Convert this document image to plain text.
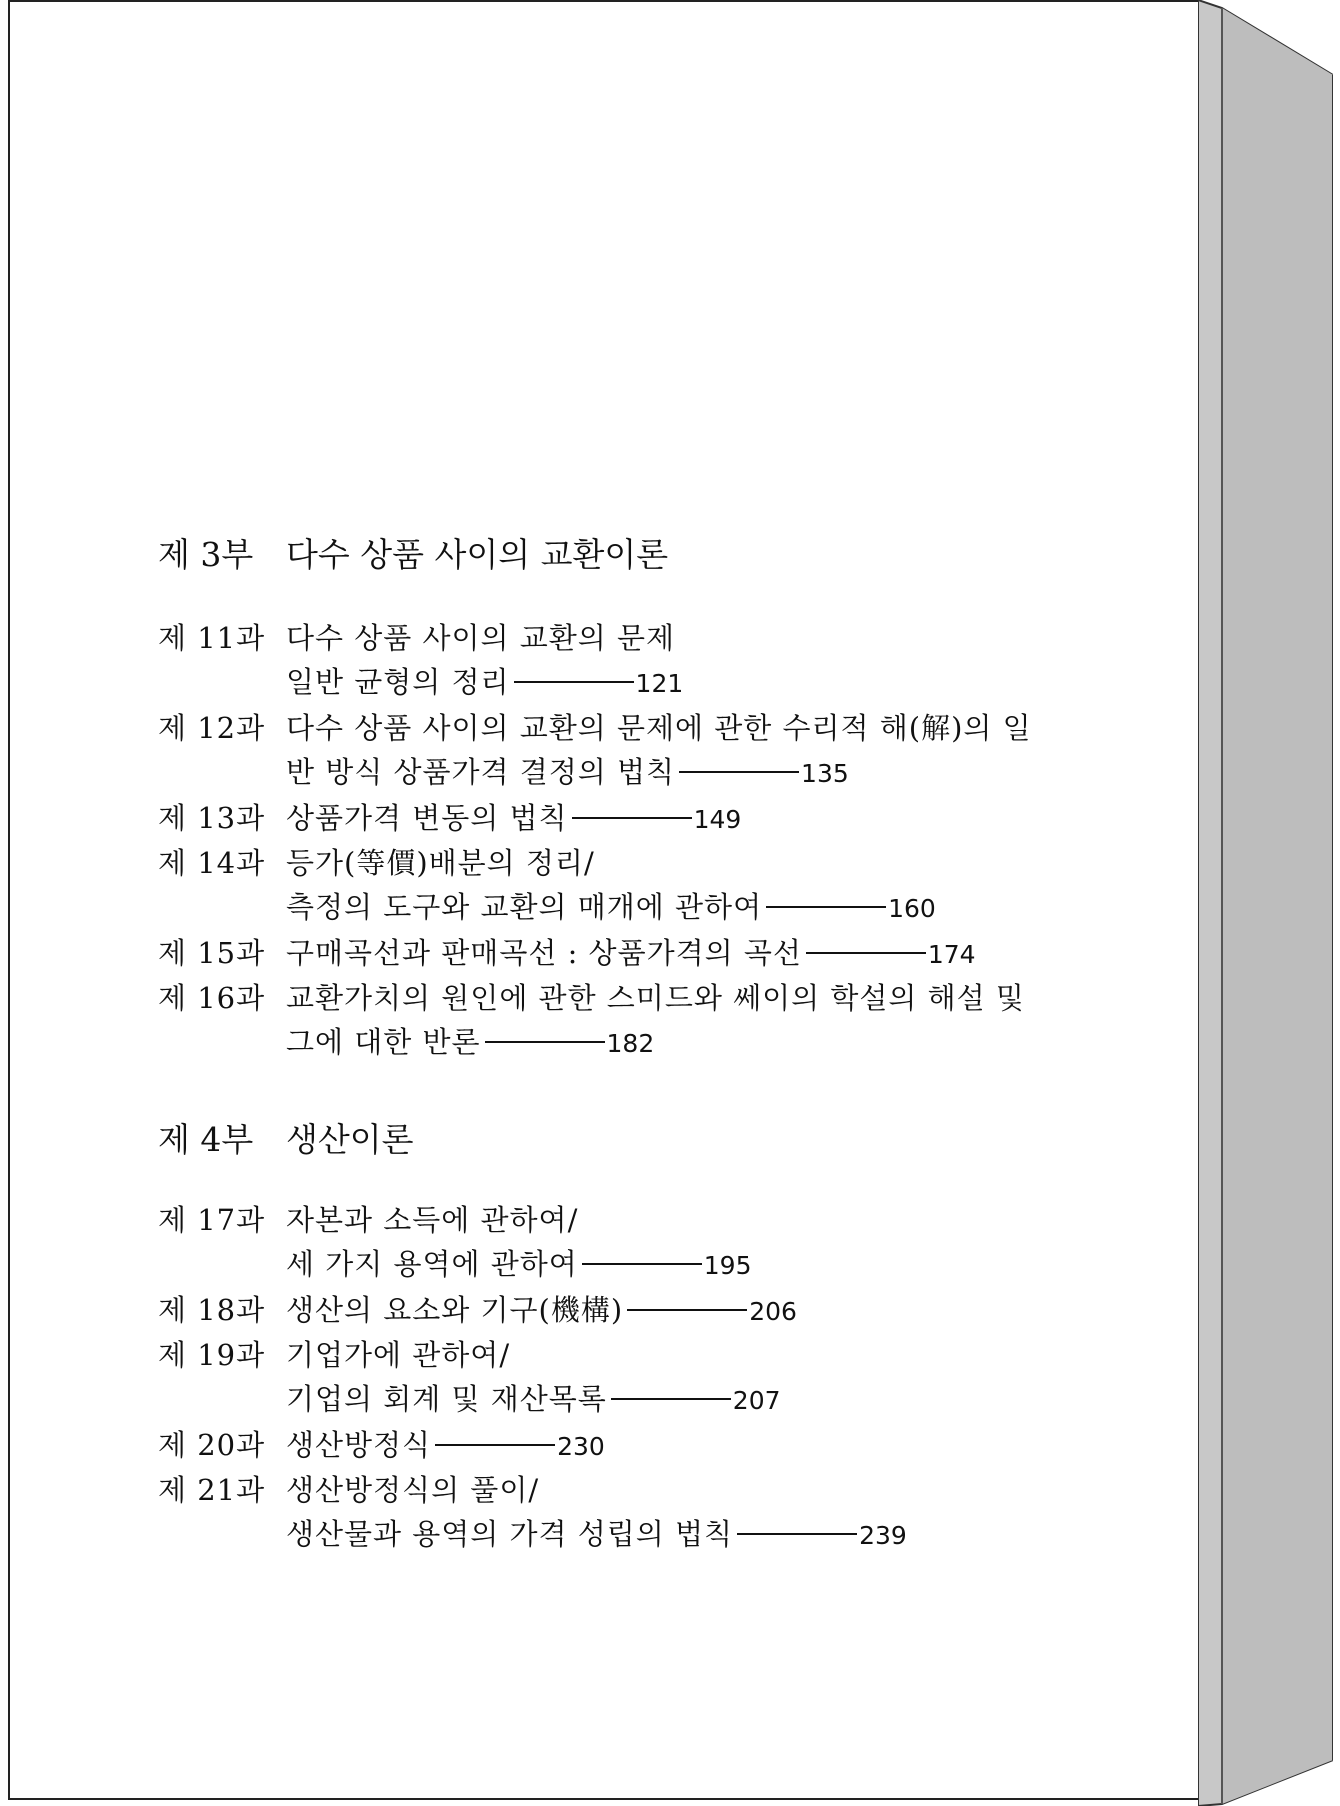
제 3부 다수 상품 사이의 교환이론
제 11과 다수 상품 사이의 교환의 문제
일반 균형의 정리	121
제 12과 다수 상품 사이의 교환의 문제에 관한 수리적 해(解)의 일
반 방식 상품가격 결정의 법칙	135
제 13과 상품가격 변동의 법칙	149
제 14과 등가(等價)배분의 정리/
측정의 도구와 교환의 매개에 관하여	160
제 15과 구매곡선과 판매곡선 : 상품가격의 곡선	174
제 16과 교환가치의 원인에 관한 스미드와 쎄이의 학설의 해설 및
그에 대한 반론	182
제 4부 생산이론
제 17과 자본과 소득에 관하여/
세 가지 용역에 관하여	195
제 18과 생산의 요소와 기구(機構)	206
제 19과 기업가에 관하여/
기업의 회계 및 재산목록	207
제 20과 생산방정식	230
제 21과 생산방정식의 풀이/
생산물과 용역의 가격 성립의 법칙	239
